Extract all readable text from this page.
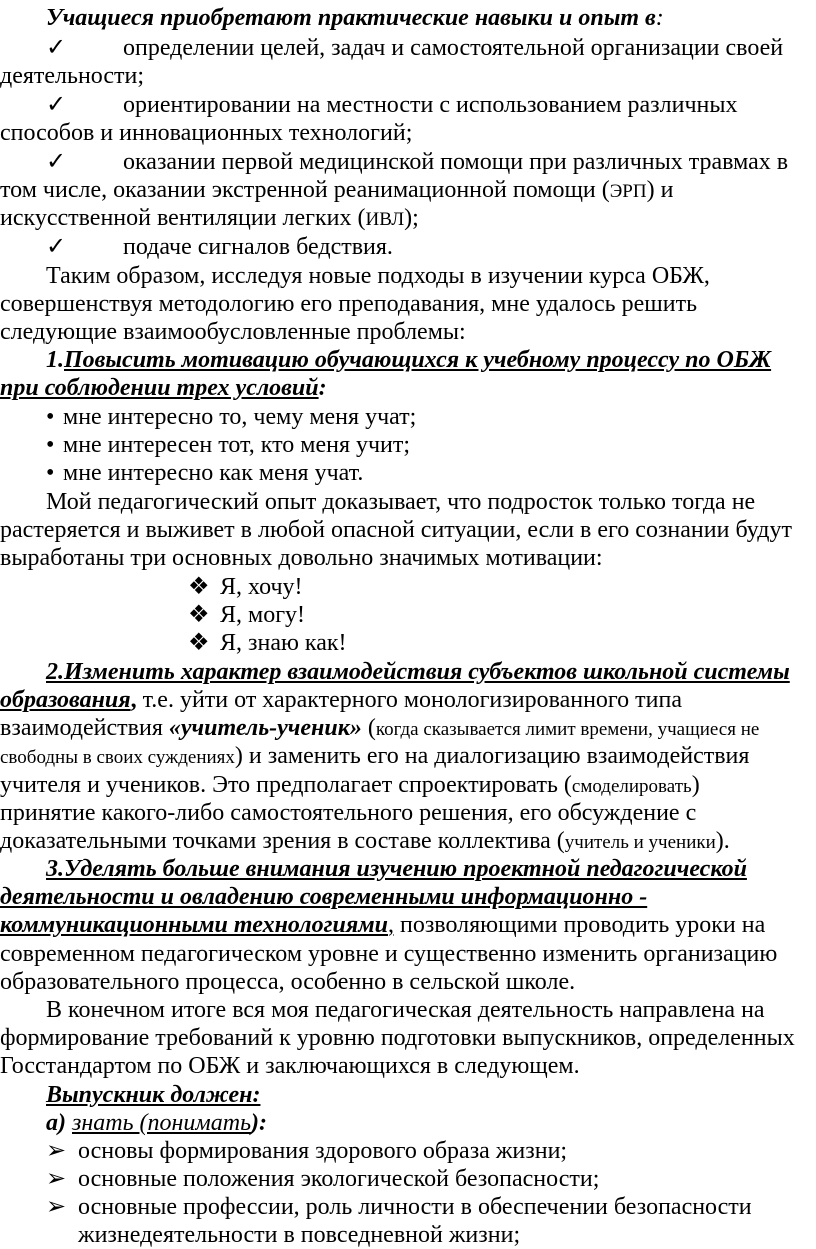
Учащиеся приобретают практические навыки и опыт в:
✓ определении целей, задач и самостоятельной организации своей
деятельности;
✓ ориентировании на местности с использованием различных
способов и инновационных технологий;
✓ оказании первой медицинской помощи при различных травмах в
том числе, оказании экстренной реанимационной помощи (ЭРП) и
искусственной вентиляции легких (ИВЛ);
✓ подаче сигналов бедствия.
Таким образом, исследуя новые подходы в изучении курса ОБЖ,
совершенствуя методологию его преподавания, мне удалось решить
следующие взаимообусловленные проблемы:
1.Повысить мотивацию обучающихся к учебному процессу по ОБЖ
при соблюдении трех условий:
• мне интересно то, чему меня учат;
• мне интересен тот, кто меня учит;
• мне интересно как меня учат.
Мой педагогический опыт доказывает, что подросток только тогда не
растеряется и выживет в любой опасной ситуации, если в его сознании будут
выработаны три основных довольно значимых мотивации:
❖ Я, хочу!
❖ Я, могу!
❖ Я, знаю как!
2.Изменить характер взаимодействия субъектов школьной системы
образования, т.е. уйти от характерного монологизированного типа
взаимодействия «учитель-ученик» (когда сказывается лимит времени, учащиеся не
свободны в своих суждениях) и заменить его на диалогизацию взаимодействия
учителя и учеников. Это предполагает спроектировать (смоделировать)
принятие какого-либо самостоятельного решения, его обсуждение с
доказательными точками зрения в составе коллектива (учитель и ученики).
3.Уделять больше внимания изучению проектной педагогической
деятельности и овладению современными информационно -
коммуникационными технологиями, позволяющими проводить уроки на
современном педагогическом уровне и существенно изменить организацию
образовательного процесса, особенно в сельской школе.
В конечном итоге вся моя педагогическая деятельность направлена на
формирование требований к уровню подготовки выпускников, определенных
Госстандартом по ОБЖ и заключающихся в следующем.
Выпускник должен:
а) знать (понимать):
➢ основы формирования здорового образа жизни;
➢ основные положения экологической безопасности;
➢ основные профессии, роль личности в обеспечении безопасности
жизнедеятельности в повседневной жизни;
